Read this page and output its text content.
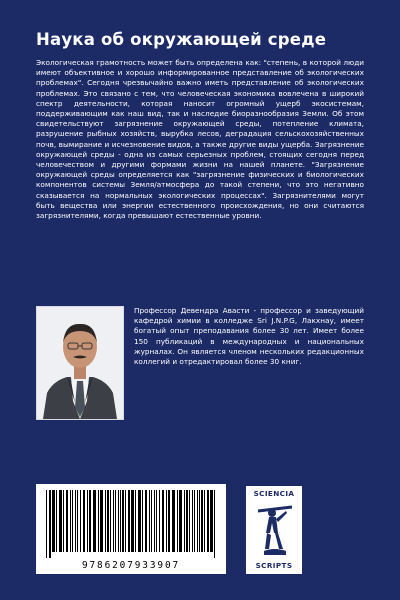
Наука об окружающей среде
Экологическая грамотность может быть определена как: "степень, в которой люди имеют объективное и хорошо информированное представление об экологических проблемах". Сегодня чрезвычайно важно иметь представление об экологических проблемах. Это связано с тем, что человеческая экономика вовлечена в широкий спектр деятельности, которая наносит огромный ущерб экосистемам, поддерживающим как наш вид, так и наследие биоразнообразия Земли. Об этом свидетельствуют загрязнение окружающей среды, потепление климата, разрушение рыбных хозяйств, вырубка лесов, деградация сельскохозяйственных почв, вымирание и исчезновение видов, а также другие виды ущерба. Загрязнение окружающей среды - одна из самых серьезных проблем, стоящих сегодня перед человечеством и другими формами жизни на нашей планете. "Загрязнение окружающей среды определяется как "загрязнение физических и биологических компонентов системы Земля/атмосфера до такой степени, что это негативно сказывается на нормальных экологических процессах". Загрязнителями могут быть вещества или энергии естественного происхождения, но они считаются загрязнителями, когда превышают естественные уровни.
Профессор Девендра Авасти - профессор и заведующий кафедрой химии в колледже Sri J.N.P.G, Лакхнау, имеет богатый опыт преподавания более 30 лет. Имеет более 150 публикаций в международных и национальных журналах. Он является членом нескольких редакционных коллегий и отредактировал более 30 книг.
9786207933907
SCIENCIA
SCRIPTS
